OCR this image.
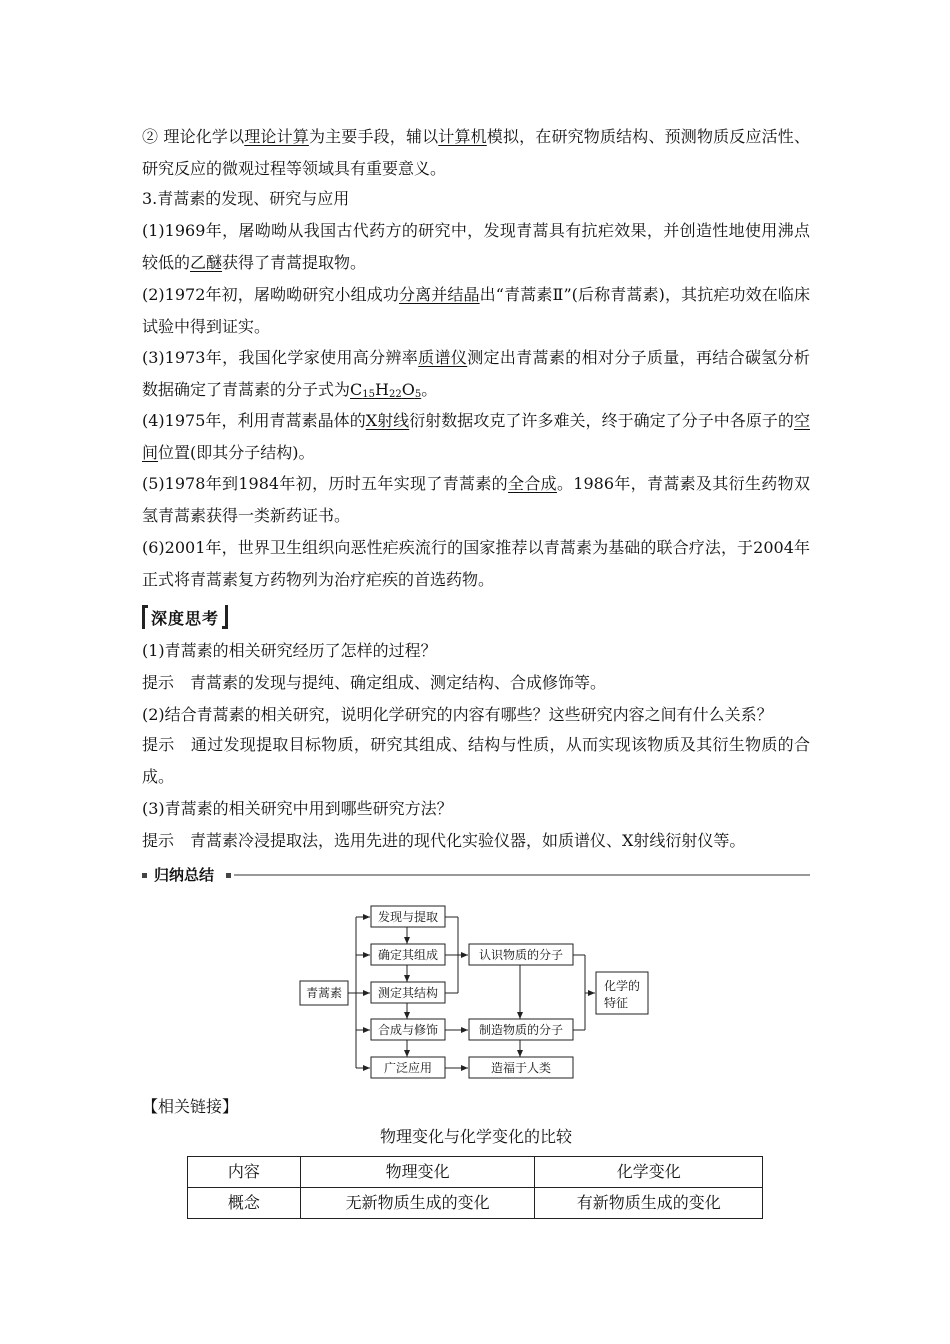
② 理论化学以理论计算为主要手段，辅以计算机模拟，在研究物质结构、预测物质反应活性、研究反应的微观过程等领域具有重要意义。

3.青蒿素的发现、研究与应用

(1)1969年，屠呦呦从我国古代药方的研究中，发现青蒿具有抗疟效果，并创造性地使用沸点较低的乙醚获得了青蒿提取物。

(2)1972年初，屠呦呦研究小组成功分离并结晶出“青蒿素Ⅱ”(后称青蒿素)，其抗疟功效在临床试验中得到证实。

(3)1973年，我国化学家使用高分辨率质谱仪测定出青蒿素的相对分子质量，再结合碳氢分析数据确定了青蒿素的分子式为$C_{15}H_{22}O_5$。

(4)1975年，利用青蒿素晶体的X射线衍射数据攻克了许多难关，终于确定了分子中各原子的空间位置(即其分子结构)。

(5)1978年到1984年初，历时五年实现了青蒿素的全合成。1986年，青蒿素及其衍生药物双氢青蒿素获得一类新药证书。

(6)2001年，世界卫生组织向恶性疟疾流行的国家推荐以青蒿素为基础的联合疗法，于2004年正式将青蒿素复方药物列为治疗疟疾的首选药物。

深度思考

(1)青蒿素的相关研究经历了怎样的过程？

提示　青蒿素的发现与提纯、确定组成、测定结构、合成修饰等。

(2)结合青蒿素的相关研究，说明化学研究的内容有哪些？这些研究内容之间有什么关系？

提示　通过发现提取目标物质，研究其组成、结构与性质，从而实现该物质及其衍生物质的合成。

(3)青蒿素的相关研究中用到哪些研究方法？

提示　青蒿素冷浸提取法，选用先进的现代化实验仪器，如质谱仪、X射线衍射仪等。

归纳总结
青蒿素
发现与提取
确定其组成
测定其结构
合成与修饰
广泛应用
认识物质的分子
制造物质的分子
造福于人类
化学的
特征
【相关链接】
物理变化与化学变化的比较
内容	物理变化	化学变化
概念	无新物质生成的变化	有新物质生成的变化
